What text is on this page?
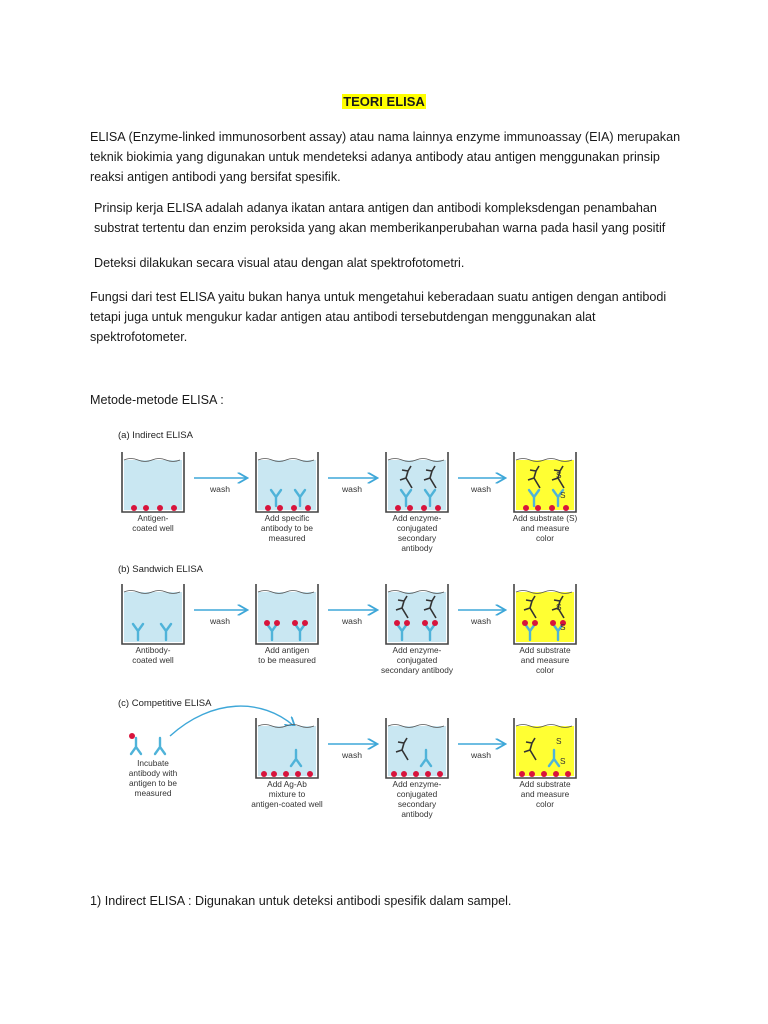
TEORI ELISA

ELISA (Enzyme-linked immunosorbent assay) atau nama lainnya enzyme immunoassay (EIA) merupakan teknik biokimia yang digunakan untuk mendeteksi adanya antibody atau antigen menggunakan prinsip reaksi antigen antibodi yang bersifat spesifik.

Prinsip kerja ELISA adalah adanya ikatan antara antigen dan antibodi kompleksdengan penambahan substrat tertentu dan enzim peroksida yang akan memberikanperubahan warna pada hasil yang positif

Deteksi dilakukan secara visual atau dengan alat spektrofotometri.

Fungsi dari test ELISA yaitu bukan hanya untuk mengetahui keberadaan suatu antigen dengan antibodi tetapi juga untuk mengukur kadar antigen atau antibodi tersebutdengan menggunakan alat spektrofotometer.

Metode-metode ELISA :

(a) Indirect ELISA
Antigen-coated well
wash
Add specific antibody to be measured
wash
Add enzyme-conjugated secondary antibody
wash
S
S
Add substrate (S) and measure color
(b) Sandwich ELISA
Antibody-coated well
wash
Add antigen to be measured
wash
Add enzyme-conjugated secondary antibody
wash
S
S
Add substrate and measure color
(c) Competitive ELISA
Incubate antibody with antigen to be measured
Add Ag-Ab mixture to antigen-coated well
wash
Add enzyme-conjugated secondary antibody
wash
S
S
Add substrate and measure color

1) Indirect ELISA : Digunakan untuk deteksi antibodi spesifik dalam sampel.
